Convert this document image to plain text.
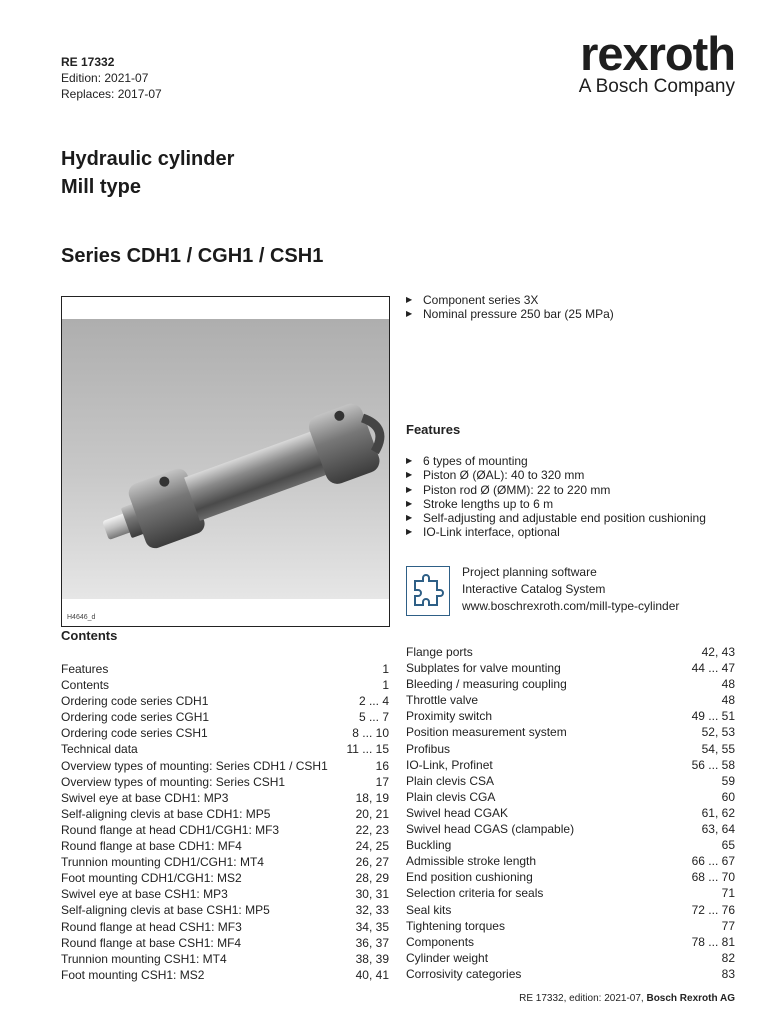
RE 17332
Edition: 2021-07
Replaces: 2017-07
rexroth
A Bosch Company
Hydraulic cylinder
Mill type
Series CDH1 / CGH1 / CSH1
H4646_d
▶ Component series 3X
▶ Nominal pressure 250 bar (25 MPa)
Features
▶ 6 types of mounting
▶ Piston Ø (ØAL): 40 to 320 mm
▶ Piston rod Ø (ØMM): 22 to 220 mm
▶ Stroke lengths up to 6 m
▶ Self-adjusting and adjustable end position cushioning
▶ IO-Link interface, optional
Project planning software
Interactive Catalog System
www.boschrexroth.com/mill-type-cylinder
Contents
Features	1
Contents	1
Ordering code series CDH1	2 ... 4
Ordering code series CGH1	5 ... 7
Ordering code series CSH1	8 ... 10
Technical data	11 ... 15
Overview types of mounting: Series CDH1 / CSH1	16
Overview types of mounting: Series CSH1	17
Swivel eye at base CDH1: MP3	18, 19
Self-aligning clevis at base CDH1: MP5	20, 21
Round flange at head CDH1/CGH1: MF3	22, 23
Round flange at base CDH1: MF4	24, 25
Trunnion mounting CDH1/CGH1: MT4	26, 27
Foot mounting CDH1/CGH1: MS2	28, 29
Swivel eye at base CSH1: MP3	30, 31
Self-aligning clevis at base CSH1: MP5	32, 33
Round flange at head CSH1: MF3	34, 35
Round flange at base CSH1: MF4	36, 37
Trunnion mounting CSH1: MT4	38, 39
Foot mounting CSH1: MS2	40, 41
Flange ports	42, 43
Subplates for valve mounting	44 ... 47
Bleeding / measuring coupling	48
Throttle valve	48
Proximity switch	49 ... 51
Position measurement system	52, 53
Profibus	54, 55
IO-Link, Profinet	56 ... 58
Plain clevis CSA	59
Plain clevis CGA	60
Swivel head CGAK	61, 62
Swivel head CGAS (clampable)	63, 64
Buckling	65
Admissible stroke length	66 ... 67
End position cushioning	68 ... 70
Selection criteria for seals	71
Seal kits	72 ... 76
Tightening torques	77
Components	78 ... 81
Cylinder weight	82
Corrosivity categories	83
RE 17332, edition: 2021-07, Bosch Rexroth AG
